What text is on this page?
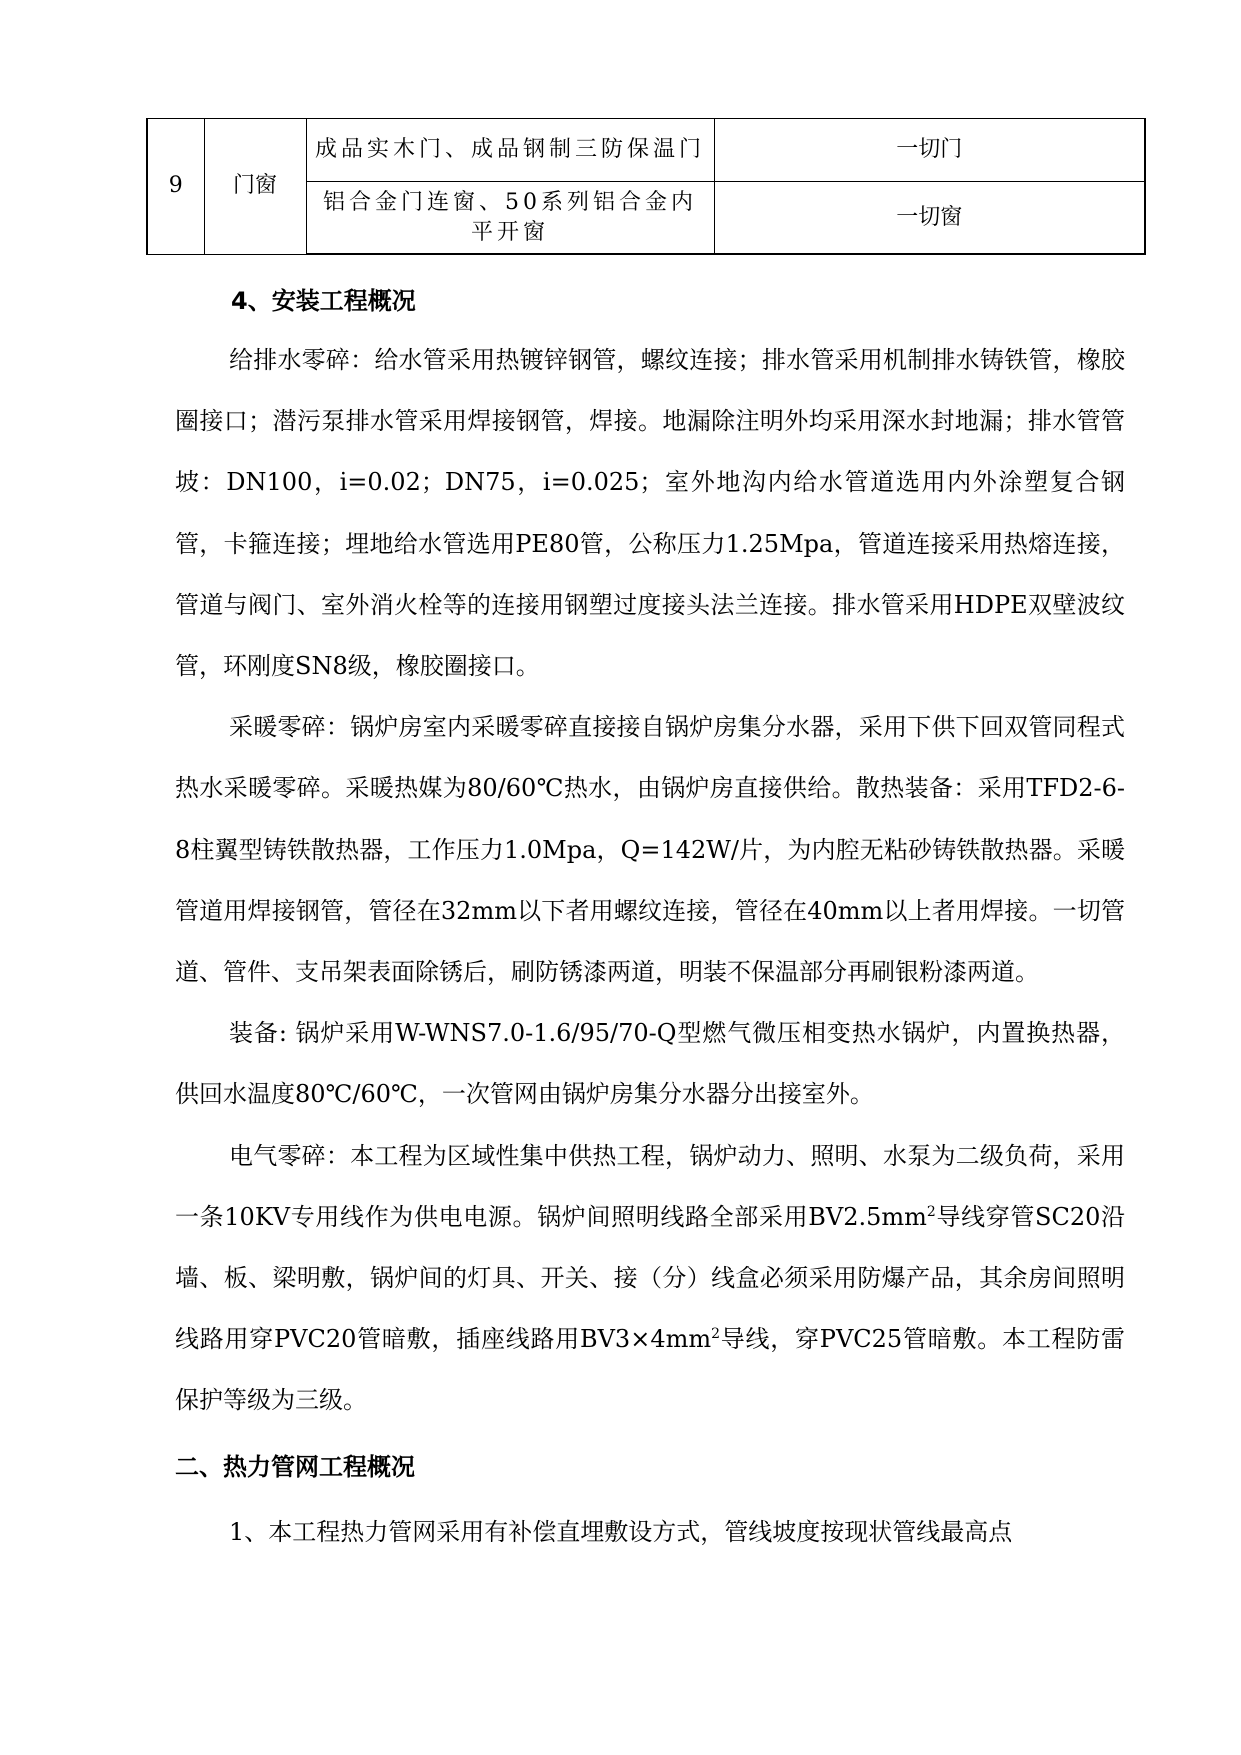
9	门窗	成品实木门、成品钢制三防保温门	一切门
		铝合金门连窗、50系列铝合金内平开窗	一切窗
4、安装工程概况

给排水零碎：给水管采用热镀锌钢管，螺纹连接；排水管采用机制排水铸铁管，橡胶圈接口；潜污泵排水管采用焊接钢管，焊接。地漏除注明外均采用深水封地漏；排水管管坡：DN100，i=0.02；DN75，i=0.025；室外地沟内给水管道选用内外涂塑复合钢管，卡箍连接；埋地给水管选用PE80管，公称压力1.25Mpa，管道连接采用热熔连接，管道与阀门、室外消火栓等的连接用钢塑过度接头法兰连接。排水管采用HDPE双壁波纹管，环刚度SN8级，橡胶圈接口。

采暖零碎：锅炉房室内采暖零碎直接接自锅炉房集分水器，采用下供下回双管同程式热水采暖零碎。采暖热媒为80/60℃热水，由锅炉房直接供给。散热装备：采用TFD2-6-8柱翼型铸铁散热器，工作压力1.0Mpa，Q=142W/片，为内腔无粘砂铸铁散热器。采暖管道用焊接钢管，管径在32mm以下者用螺纹连接，管径在40mm以上者用焊接。一切管道、管件、支吊架表面除锈后，刷防锈漆两道，明装不保温部分再刷银粉漆两道。

装备: 锅炉采用W-WNS7.0-1.6/95/70-Q型燃气微压相变热水锅炉，内置换热器，供回水温度80℃/60℃，一次管网由锅炉房集分水器分出接室外。

电气零碎：本工程为区域性集中供热工程，锅炉动力、照明、水泵为二级负荷，采用一条10KV专用线作为供电电源。锅炉间照明线路全部采用$BV2.5mm^2$导线穿管SC20沿墙、板、梁明敷，锅炉间的灯具、开关、接（分）线盒必须采用防爆产品，其余房间照明线路用穿PVC20管暗敷，插座线路用$BV3\times 4mm^2$导线，穿PVC25管暗敷。本工程防雷保护等级为三级。

二、热力管网工程概况

1、本工程热力管网采用有补偿直埋敷设方式，管线坡度按现状管线最高点
